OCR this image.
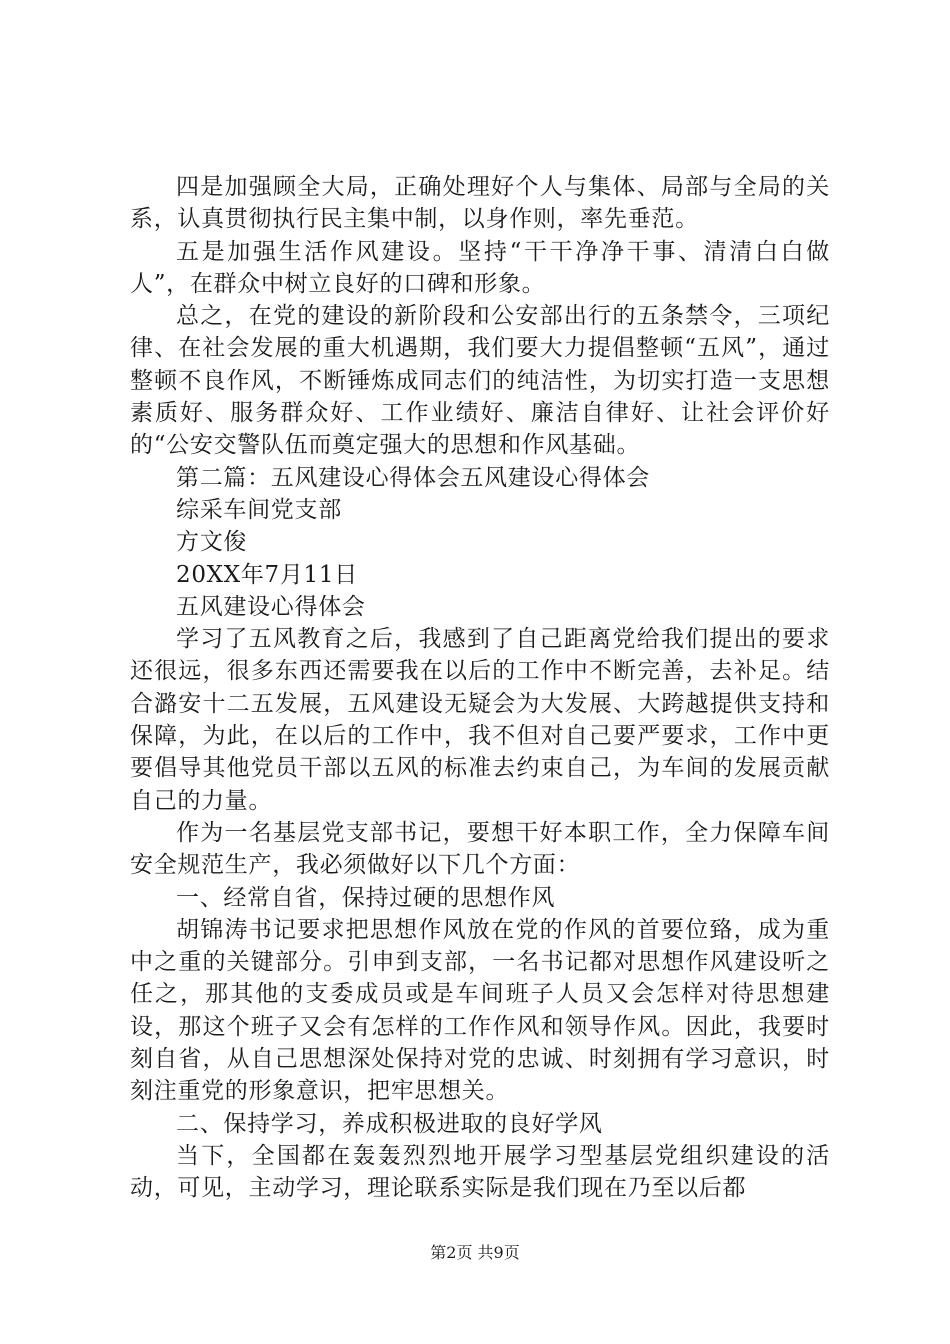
四是加强顾全大局，正确处理好个人与集体、局部与全局的关系，认真贯彻执行民主集中制，以身作则，率先垂范。

五是加强生活作风建设。坚持“干干净净干事、清清白白做人”，在群众中树立良好的口碑和形象。

总之，在党的建设的新阶段和公安部出行的五条禁令，三项纪律、在社会发展的重大机遇期，我们要大力提倡整顿“五风”，通过整顿不良作风，不断锤炼成同志们的纯洁性，为切实打造一支思想素质好、服务群众好、工作业绩好、廉洁自律好、让社会评价好的“公安交警队伍而奠定强大的思想和作风基础。

第二篇：五风建设心得体会五风建设心得体会

综采车间党支部

方文俊

20XX年7月11日

五风建设心得体会

学习了五风教育之后，我感到了自己距离党给我们提出的要求还很远，很多东西还需要我在以后的工作中不断完善，去补足。结合潞安十二五发展，五风建设无疑会为大发展、大跨越提供支持和保障，为此，在以后的工作中，我不但对自己要严要求，工作中更要倡导其他党员干部以五风的标准去约束自己，为车间的发展贡献自己的力量。

作为一名基层党支部书记，要想干好本职工作，全力保障车间安全规范生产，我必须做好以下几个方面：

一、经常自省，保持过硬的思想作风

胡锦涛书记要求把思想作风放在党的作风的首要位臵，成为重中之重的关键部分。引申到支部，一名书记都对思想作风建设听之任之，那其他的支委成员或是车间班子人员又会怎样对待思想建设，那这个班子又会有怎样的工作作风和领导作风。因此，我要时刻自省，从自己思想深处保持对党的忠诚、时刻拥有学习意识，时刻注重党的形象意识，把牢思想关。

二、保持学习，养成积极进取的良好学风

当下，全国都在轰轰烈烈地开展学习型基层党组织建设的活动，可见，主动学习，理论联系实际是我们现在乃至以后都

第2页 共9页
